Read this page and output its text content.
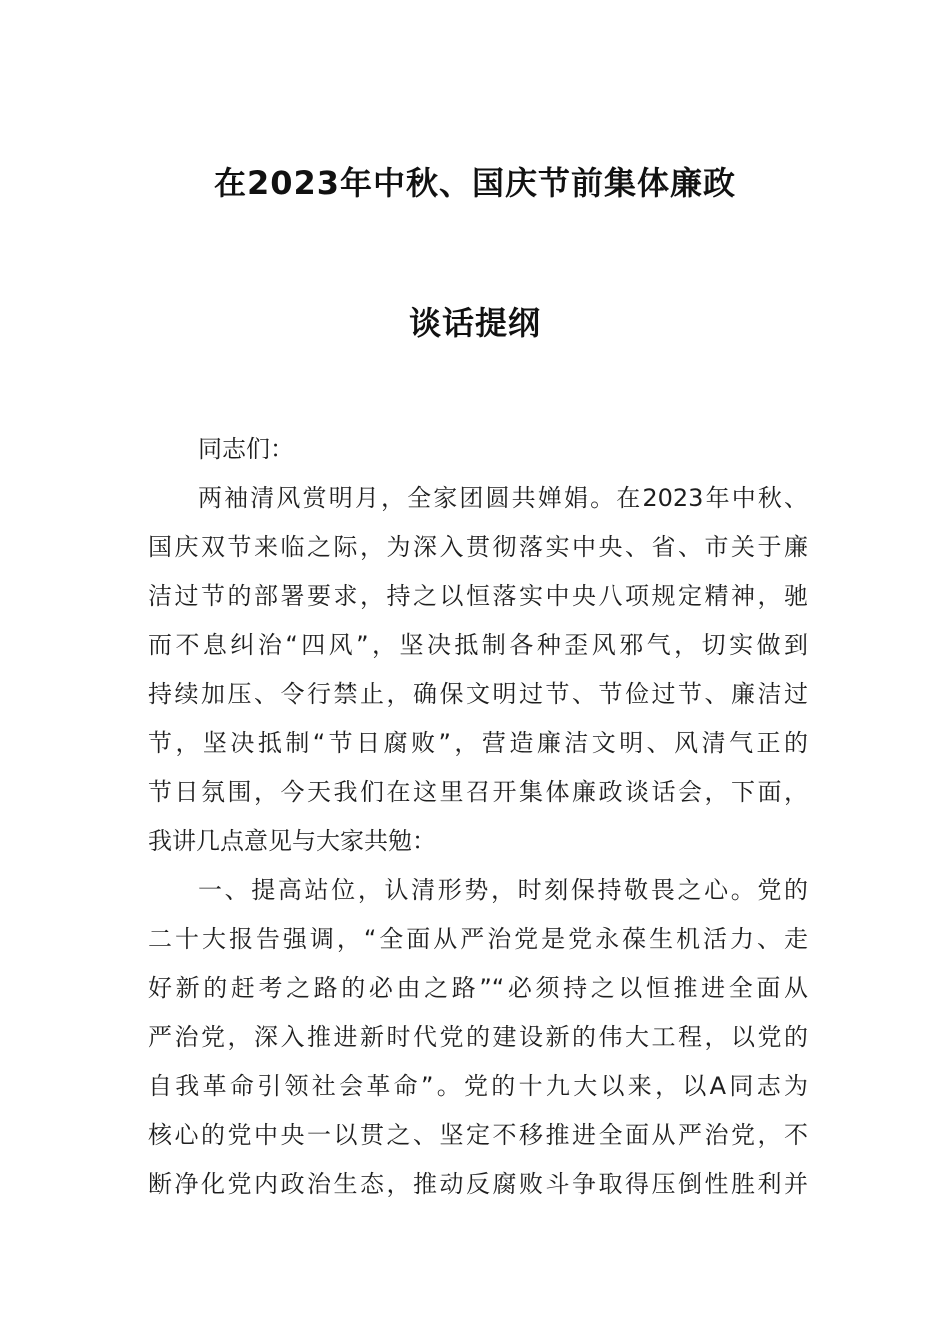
在2023年中秋、国庆节前集体廉政
谈话提纲
同志们：
两袖清风赏明月，全家团圆共婵娟。在2023年中秋、
国庆双节来临之际，为深入贯彻落实中央、省、市关于廉
洁过节的部署要求，持之以恒落实中央八项规定精神，驰
而不息纠治“四风”，坚决抵制各种歪风邪气，切实做到
持续加压、令行禁止，确保文明过节、节俭过节、廉洁过
节，坚决抵制“节日腐败”，营造廉洁文明、风清气正的
节日氛围，今天我们在这里召开集体廉政谈话会，下面，
我讲几点意见与大家共勉：
一、提高站位，认清形势，时刻保持敬畏之心。党的
二十大报告强调，“全面从严治党是党永葆生机活力、走
好新的赶考之路的必由之路”“必须持之以恒推进全面从
严治党，深入推进新时代党的建设新的伟大工程，以党的
自我革命引领社会革命”。党的十九大以来，以A同志为
核心的党中央一以贯之、坚定不移推进全面从严治党，不
断净化党内政治生态，推动反腐败斗争取得压倒性胜利并
